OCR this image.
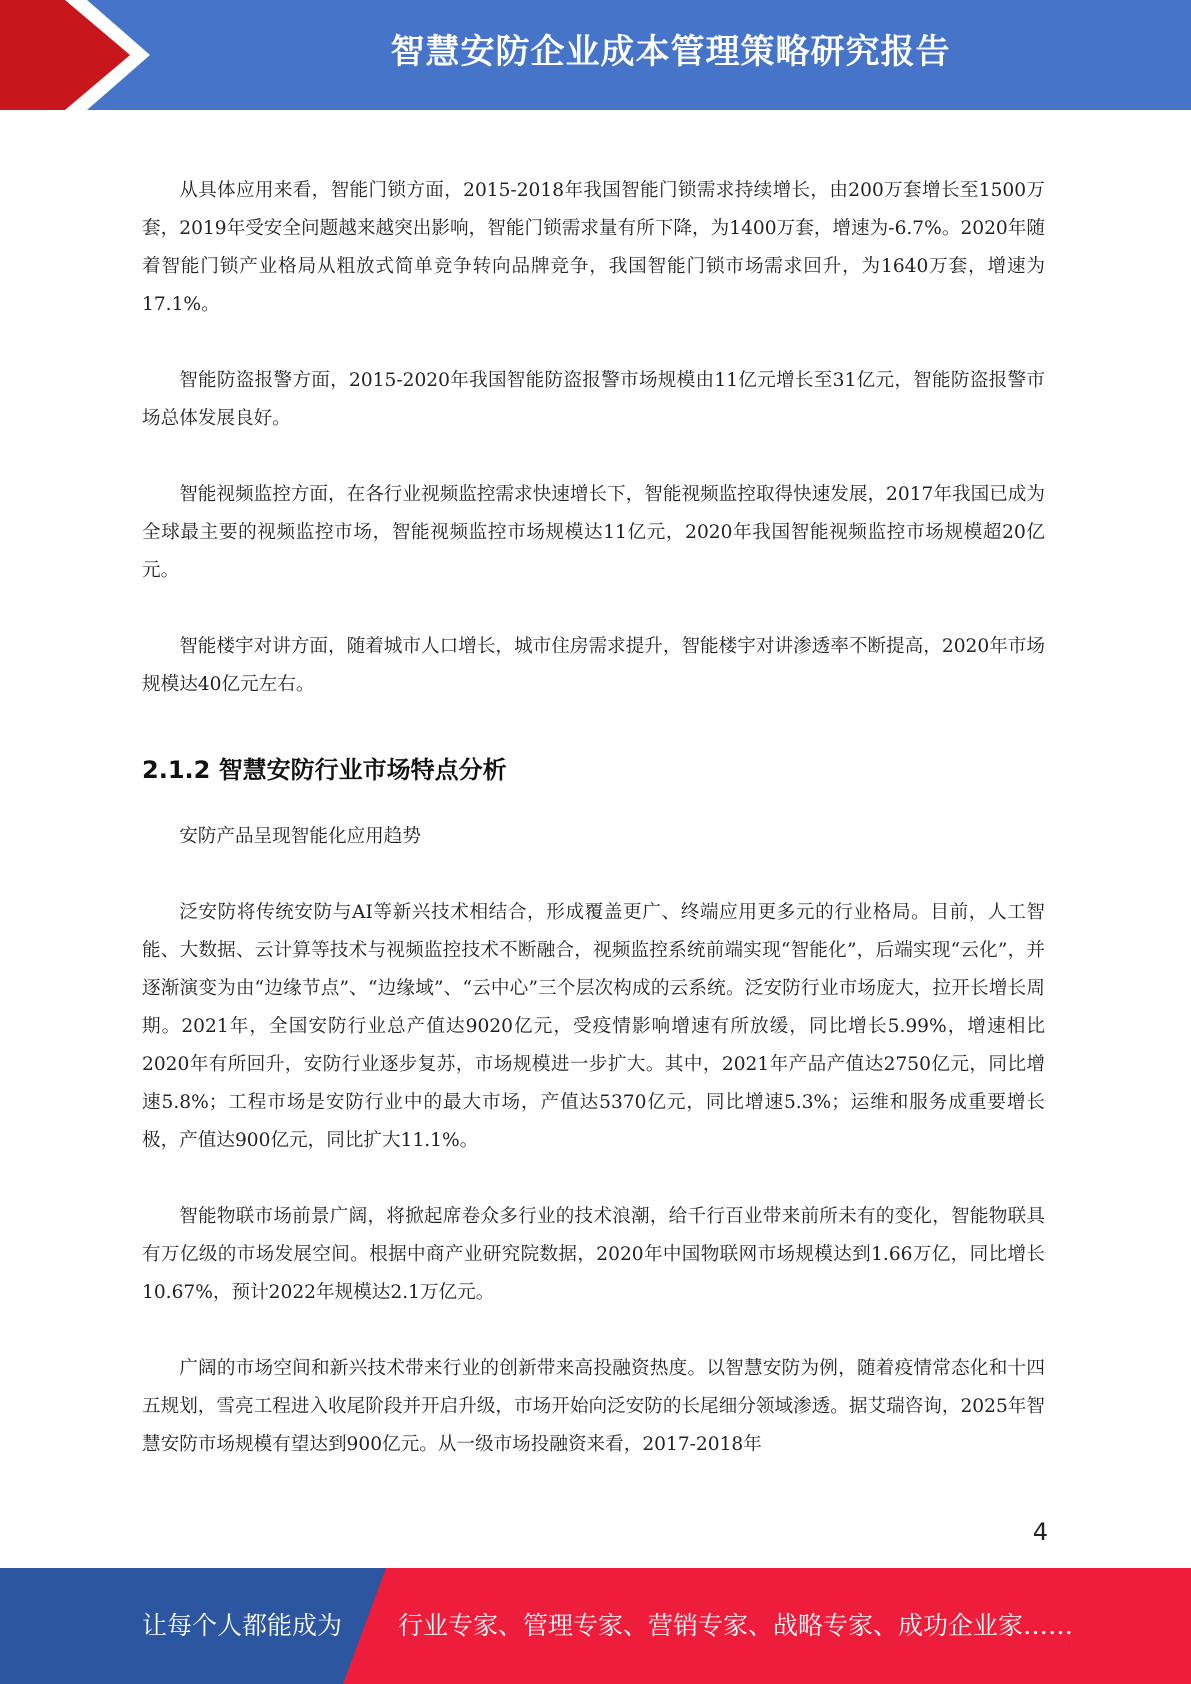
智慧安防企业成本管理策略研究报告

从具体应用来看，智能门锁方面，2015-2018年我国智能门锁需求持续增长，由200万套增长至1500万套，2019年受安全问题越来越突出影响，智能门锁需求量有所下降，为1400万套，增速为-6.7%。2020年随着智能门锁产业格局从粗放式简单竞争转向品牌竞争，我国智能门锁市场需求回升，为1640万套，增速为17.1%。

智能防盗报警方面，2015-2020年我国智能防盗报警市场规模由11亿元增长至31亿元，智能防盗报警市场总体发展良好。

智能视频监控方面，在各行业视频监控需求快速增长下，智能视频监控取得快速发展，2017年我国已成为全球最主要的视频监控市场，智能视频监控市场规模达11亿元，2020年我国智能视频监控市场规模超20亿元。

智能楼宇对讲方面，随着城市人口增长，城市住房需求提升，智能楼宇对讲渗透率不断提高，2020年市场规模达40亿元左右。

2.1.2 智慧安防行业市场特点分析

安防产品呈现智能化应用趋势

泛安防将传统安防与AI等新兴技术相结合，形成覆盖更广、终端应用更多元的行业格局。目前，人工智能、大数据、云计算等技术与视频监控技术不断融合，视频监控系统前端实现“智能化”，后端实现“云化”，并逐渐演变为由“边缘节点”、“边缘域”、“云中心”三个层次构成的云系统。泛安防行业市场庞大，拉开长增长周期。2021年，全国安防行业总产值达9020亿元，受疫情影响增速有所放缓，同比增长5.99%，增速相比2020年有所回升，安防行业逐步复苏，市场规模进一步扩大。其中，2021年产品产值达2750亿元，同比增速5.8%；工程市场是安防行业中的最大市场，产值达5370亿元，同比增速5.3%；运维和服务成重要增长极，产值达900亿元，同比扩大11.1%。

智能物联市场前景广阔，将掀起席卷众多行业的技术浪潮，给千行百业带来前所未有的变化，智能物联具有万亿级的市场发展空间。根据中商产业研究院数据，2020年中国物联网市场规模达到1.66万亿，同比增长10.67%，预计2022年规模达2.1万亿元。

广阔的市场空间和新兴技术带来行业的创新带来高投融资热度。以智慧安防为例，随着疫情常态化和十四五规划，雪亮工程进入收尾阶段并开启升级，市场开始向泛安防的长尾细分领域渗透。据艾瑞咨询，2025年智慧安防市场规模有望达到900亿元。从一级市场投融资来看，2017-2018年

4
让每个人都能成为 行业专家、管理专家、营销专家、战略专家、成功企业家……
